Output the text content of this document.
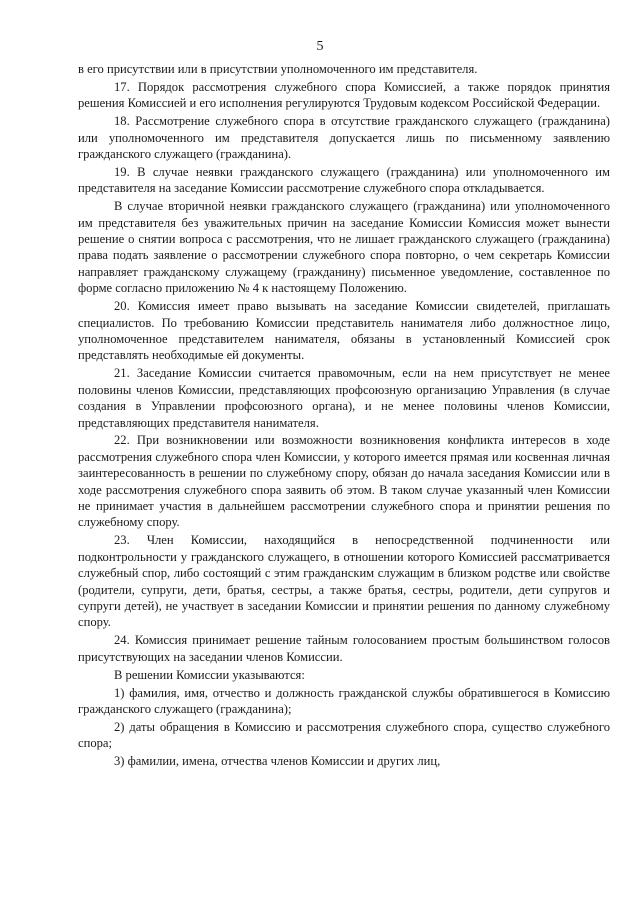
5

в его присутствии или в присутствии уполномоченного им представителя.

17. Порядок рассмотрения служебного спора Комиссией, а также порядок принятия решения Комиссией и его исполнения регулируются Трудовым кодексом Российской Федерации.

18. Рассмотрение служебного спора в отсутствие гражданского служащего (гражданина) или уполномоченного им представителя допускается лишь по письменному заявлению гражданского служащего (гражданина).

19. В случае неявки гражданского служащего (гражданина) или уполномоченного им представителя на заседание Комиссии рассмотрение служебного спора откладывается.

В случае вторичной неявки гражданского служащего (гражданина) или уполномоченного им представителя без уважительных причин на заседание Комиссии Комиссия может вынести решение о снятии вопроса с рассмотрения, что не лишает гражданского служащего (гражданина) права подать заявление о рассмотрении служебного спора повторно, о чем секретарь Комиссии направляет гражданскому служащему (гражданину) письменное уведомление, составленное по форме согласно приложению № 4 к настоящему Положению.

20. Комиссия имеет право вызывать на заседание Комиссии свидетелей, приглашать специалистов. По требованию Комиссии представитель нанимателя либо должностное лицо, уполномоченное представителем нанимателя, обязаны в установленный Комиссией срок представлять необходимые ей документы.

21. Заседание Комиссии считается правомочным, если на нем присутствует не менее половины членов Комиссии, представляющих профсоюзную организацию Управления (в случае создания в Управлении профсоюзного органа), и не менее половины членов Комиссии, представляющих представителя нанимателя.

22. При возникновении или возможности возникновения конфликта интересов в ходе рассмотрения служебного спора член Комиссии, у которого имеется прямая или косвенная личная заинтересованность в решении по служебному спору, обязан до начала заседания Комиссии или в ходе рассмотрения служебного спора заявить об этом. В таком случае указанный член Комиссии не принимает участия в дальнейшем рассмотрении служебного спора и принятии решения по служебному спору.

23. Член Комиссии, находящийся в непосредственной подчиненности или подконтрольности у гражданского служащего, в отношении которого Комиссией рассматривается служебный спор, либо состоящий с этим гражданским служащим в близком родстве или свойстве (родители, супруги, дети, братья, сестры, а также братья, сестры, родители, дети супругов и супруги детей), не участвует в заседании Комиссии и принятии решения по данному служебному спору.

24. Комиссия принимает решение тайным голосованием простым большинством голосов присутствующих на заседании членов Комиссии.

В решении Комиссии указываются:

1) фамилия, имя, отчество и должность гражданской службы обратившегося в Комиссию гражданского служащего (гражданина);

2) даты обращения в Комиссию и рассмотрения служебного спора, существо служебного спора;

3) фамилии, имена, отчества членов Комиссии и других лиц,
